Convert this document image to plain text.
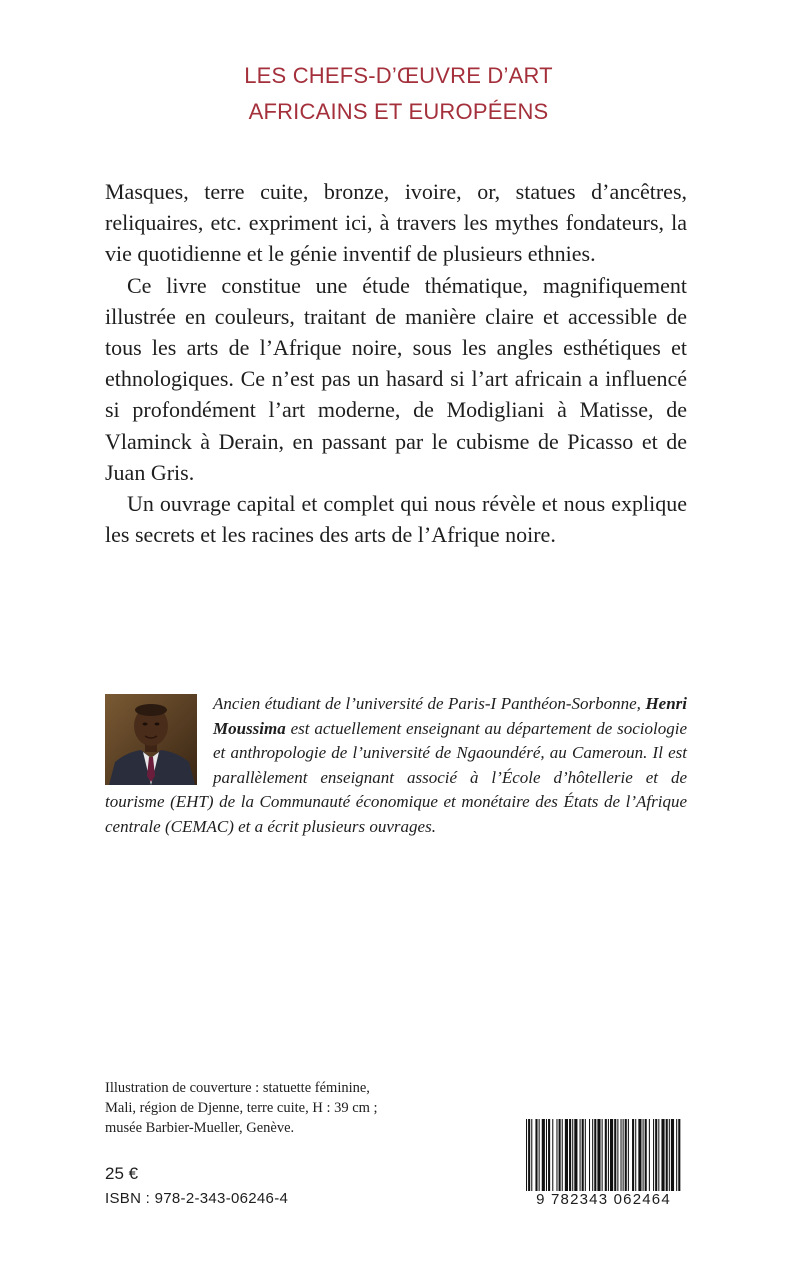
LES CHEFS-D’ŒUVRE D’ART
AFRICAINS ET EUROPÉENS

Masques, terre cuite, bronze, ivoire, or, statues d’ancêtres, reliquaires, etc. expriment ici, à travers les mythes fondateurs, la vie quotidienne et le génie inventif de plusieurs ethnies.

Ce livre constitue une étude thématique, magnifiquement illustrée en couleurs, traitant de manière claire et accessible de tous les arts de l’Afrique noire, sous les angles esthétiques et ethnologiques. Ce n’est pas un hasard si l’art africain a influencé si profondément l’art moderne, de Modigliani à Matisse, de Vlaminck à Derain, en passant par le cubisme de Picasso et de Juan Gris.

Un ouvrage capital et complet qui nous révèle et nous explique les secrets et les racines des arts de l’Afrique noire.

Ancien étudiant de l’université de Paris-I Panthéon-Sorbonne, Henri Moussima est actuellement enseignant au département de sociologie et anthropologie de l’université de Ngaoundéré, au Cameroun. Il est parallèlement enseignant associé à l’École d’hôtellerie et de tourisme (EHT) de la Communauté économique et monétaire des États de l’Afrique centrale (CEMAC) et a écrit plusieurs ouvrages.

Illustration de couverture : statuette féminine,
Mali, région de Djenne, terre cuite, H : 39 cm ;
musée Barbier-Mueller, Genève.
25 €
ISBN : 978-2-343-06246-4	9 782343 062464
